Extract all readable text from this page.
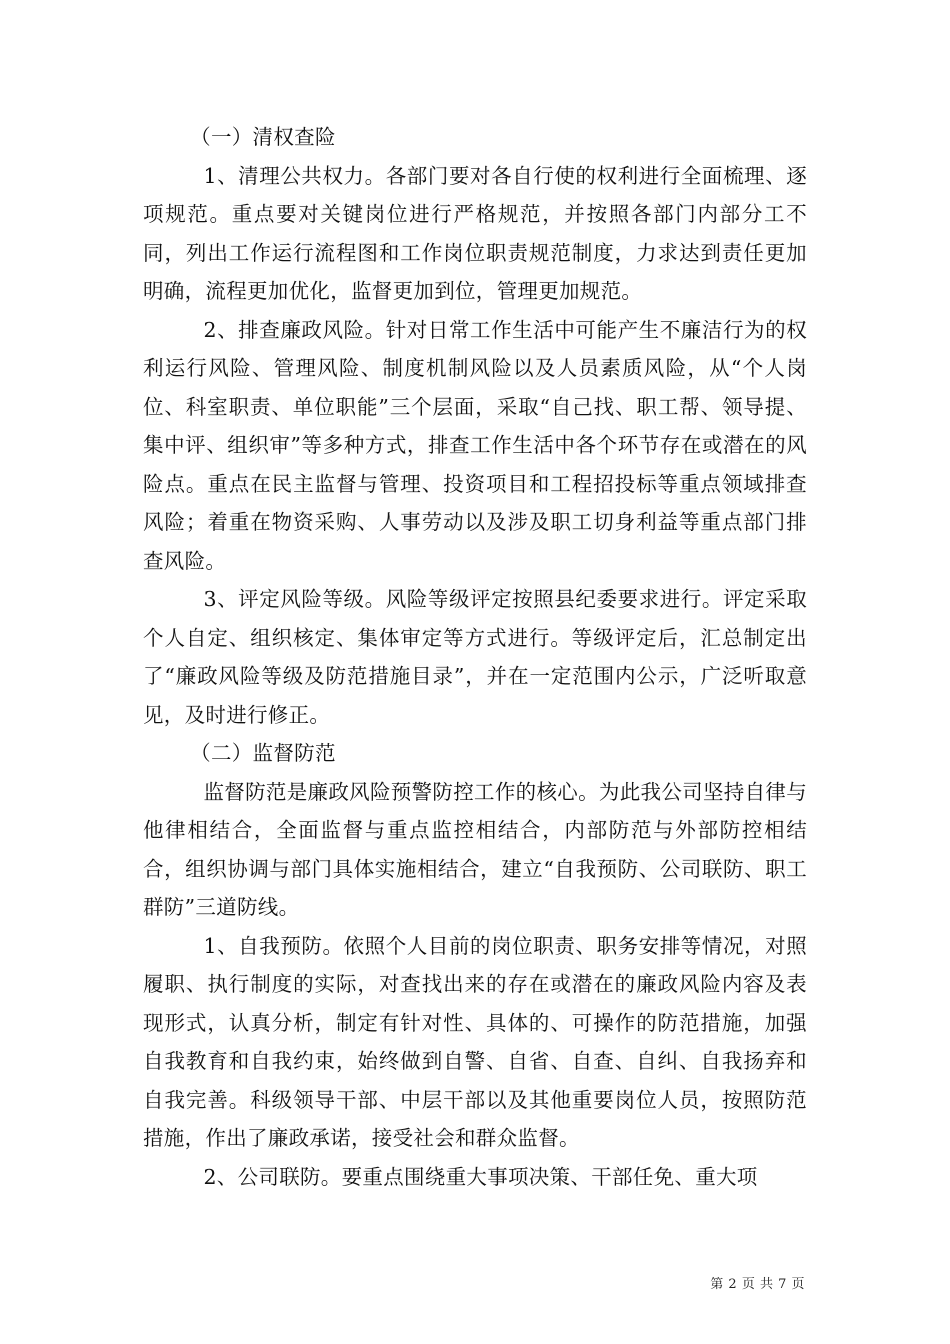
（一）清权查险

1、清理公共权力。各部门要对各自行使的权利进行全面梳理、逐项规范。重点要对关键岗位进行严格规范，并按照各部门内部分工不同，列出工作运行流程图和工作岗位职责规范制度，力求达到责任更加明确，流程更加优化，监督更加到位，管理更加规范。

2、排查廉政风险。针对日常工作生活中可能产生不廉洁行为的权利运行风险、管理风险、制度机制风险以及人员素质风险，从“个人岗位、科室职责、单位职能”三个层面，采取“自己找、职工帮、领导提、集中评、组织审”等多种方式，排查工作生活中各个环节存在或潜在的风险点。重点在民主监督与管理、投资项目和工程招投标等重点领域排查风险；着重在物资采购、人事劳动以及涉及职工切身利益等重点部门排查风险。

3、评定风险等级。风险等级评定按照县纪委要求进行。评定采取个人自定、组织核定、集体审定等方式进行。等级评定后，汇总制定出了“廉政风险等级及防范措施目录”，并在一定范围内公示，广泛听取意见，及时进行修正。

（二）监督防范

监督防范是廉政风险预警防控工作的核心。为此我公司坚持自律与他律相结合，全面监督与重点监控相结合，内部防范与外部防控相结合，组织协调与部门具体实施相结合，建立“自我预防、公司联防、职工群防”三道防线。

1、自我预防。依照个人目前的岗位职责、职务安排等情况，对照履职、执行制度的实际，对查找出来的存在或潜在的廉政风险内容及表现形式，认真分析，制定有针对性、具体的、可操作的防范措施，加强自我教育和自我约束，始终做到自警、自省、自查、自纠、自我扬弃和自我完善。科级领导干部、中层干部以及其他重要岗位人员，按照防范措施，作出了廉政承诺，接受社会和群众监督。

2、公司联防。要重点围绕重大事项决策、干部任免、重大项

第 2 页 共 7 页
